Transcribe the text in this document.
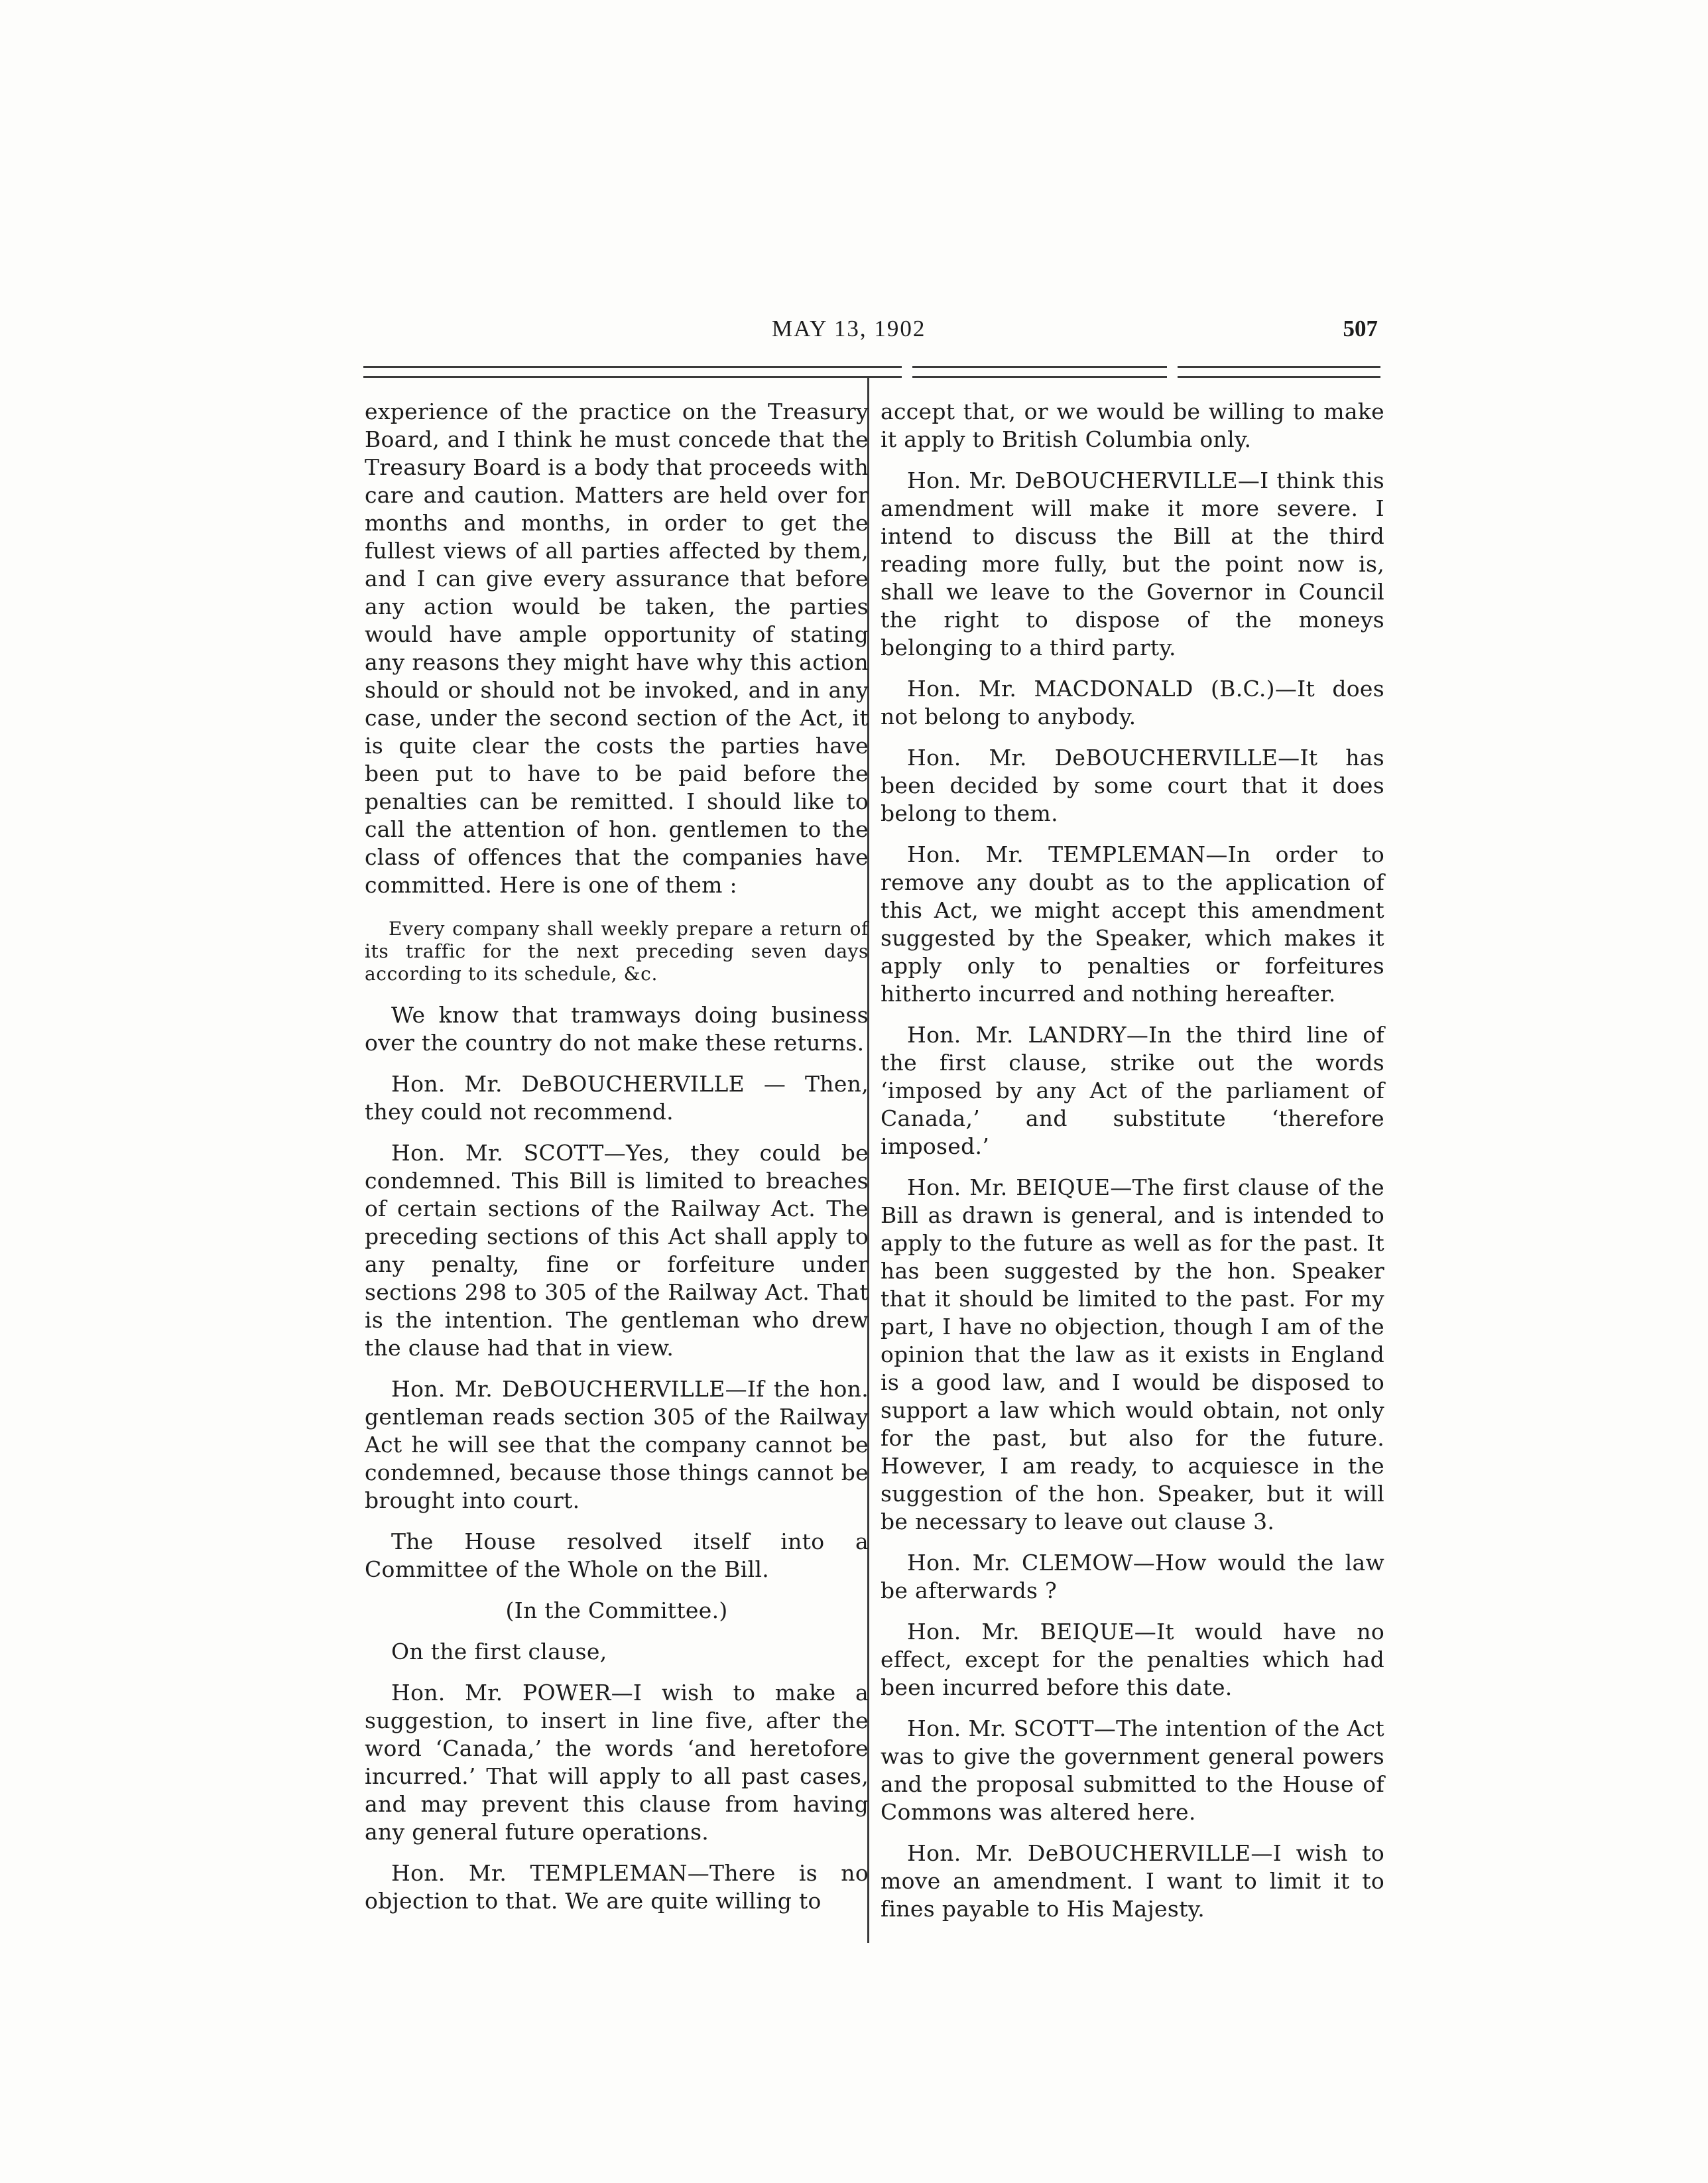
MAY 13, 1902	507

experience of the practice on the Treasury Board, and I think he must concede that the Treasury Board is a body that proceeds with care and caution. Matters are held over for months and months, in order to get the fullest views of all parties affected by them, and I can give every assurance that before any action would be taken, the parties would have ample opportunity of stating any reasons they might have why this action should or should not be invoked, and in any case, under the second section of the Act, it is quite clear the costs the parties have been put to have to be paid before the penalties can be remitted. I should like to call the attention of hon. gentlemen to the class of offences that the companies have committed. Here is one of them :

Every company shall weekly prepare a return of its traffic for the next preceding seven days according to its schedule, &c.

We know that tramways doing business over the country do not make these returns.

Hon. Mr. DeBOUCHERVILLE — Then, they could not recommend.

Hon. Mr. SCOTT—Yes, they could be condemned. This Bill is limited to breaches of certain sections of the Railway Act. The preceding sections of this Act shall apply to any penalty, fine or forfeiture under sections 298 to 305 of the Railway Act. That is the intention. The gentleman who drew the clause had that in view.

Hon. Mr. DeBOUCHERVILLE—If the hon. gentleman reads section 305 of the Railway Act he will see that the company cannot be condemned, because those things cannot be brought into court.

The House resolved itself into a Committee of the Whole on the Bill.

(In the Committee.)

On the first clause,

Hon. Mr. POWER—I wish to make a suggestion, to insert in line five, after the word ‘Canada,’ the words ‘and heretofore incurred.’ That will apply to all past cases, and may prevent this clause from having any general future operations.

Hon. Mr. TEMPLEMAN—There is no objection to that. We are quite willing to

accept that, or we would be willing to make it apply to British Columbia only.

Hon. Mr. DeBOUCHERVILLE—I think this amendment will make it more severe. I intend to discuss the Bill at the third reading more fully, but the point now is, shall we leave to the Governor in Council the right to dispose of the moneys belonging to a third party.

Hon. Mr. MACDONALD (B.C.)—It does not belong to anybody.

Hon. Mr. DeBOUCHERVILLE—It has been decided by some court that it does belong to them.

Hon. Mr. TEMPLEMAN—In order to remove any doubt as to the application of this Act, we might accept this amendment suggested by the Speaker, which makes it apply only to penalties or forfeitures hitherto incurred and nothing hereafter.

Hon. Mr. LANDRY—In the third line of the first clause, strike out the words ‘imposed by any Act of the parliament of Canada,’ and substitute ‘therefore imposed.’

Hon. Mr. BEIQUE—The first clause of the Bill as drawn is general, and is intended to apply to the future as well as for the past. It has been suggested by the hon. Speaker that it should be limited to the past. For my part, I have no objection, though I am of the opinion that the law as it exists in England is a good law, and I would be disposed to support a law which would obtain, not only for the past, but also for the future. However, I am ready, to acquiesce in the suggestion of the hon. Speaker, but it will be necessary to leave out clause 3.

Hon. Mr. CLEMOW—How would the law be afterwards ?

Hon. Mr. BEIQUE—It would have no effect, except for the penalties which had been incurred before this date.

Hon. Mr. SCOTT—The intention of the Act was to give the government general powers and the proposal submitted to the House of Commons was altered here.

Hon. Mr. DeBOUCHERVILLE—I wish to move an amendment. I want to limit it to fines payable to His Majesty.
